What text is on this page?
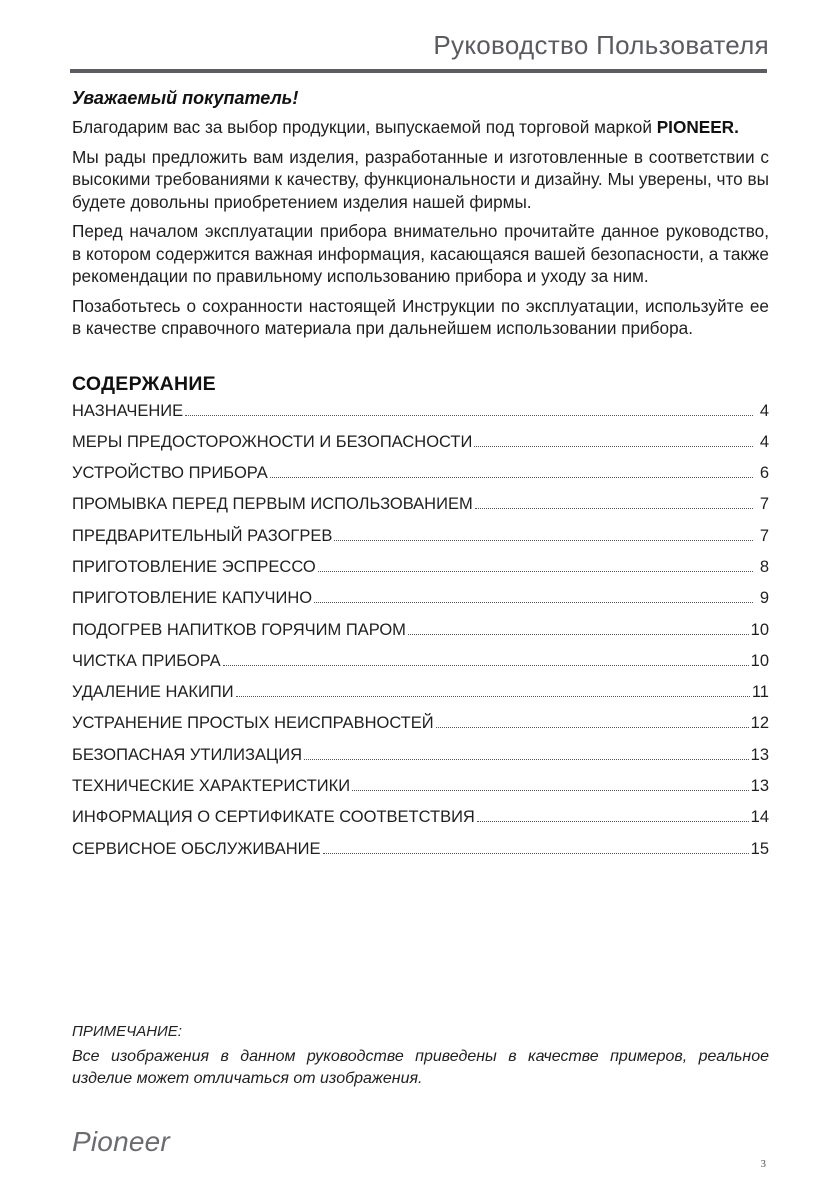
Руководство Пользователя
Уважаемый покупатель!

Благодарим вас за выбор продукции, выпускаемой под торговой маркой PIONEER.

Мы рады предложить вам изделия, разработанные и изготовленные в соответствии с высокими требованиями к качеству, функциональности и дизайну. Мы уверены, что вы будете довольны приобретением изделия нашей фирмы.

Перед началом эксплуатации прибора внимательно прочитайте данное руководство, в котором содержится важная информация, касающаяся вашей безопасности, а также рекомендации по правильному использованию прибора и уходу за ним.

Позаботьтесь о сохранности настоящей Инструкции по эксплуатации, используйте ее в качестве справочного материала при дальнейшем использовании прибора.

СОДЕРЖАНИЕ
НАЗНАЧЕНИЕ	4
МЕРЫ ПРЕДОСТОРОЖНОСТИ И БЕЗОПАСНОСТИ	4
УСТРОЙСТВО ПРИБОРА	6
ПРОМЫВКА ПЕРЕД ПЕРВЫМ ИСПОЛЬЗОВАНИЕМ	7
ПРЕДВАРИТЕЛЬНЫЙ РАЗОГРЕВ	7
ПРИГОТОВЛЕНИЕ ЭСПРЕССО	8
ПРИГОТОВЛЕНИЕ КАПУЧИНО	9
ПОДОГРЕВ НАПИТКОВ ГОРЯЧИМ ПАРОМ	10
ЧИСТКА ПРИБОРА	10
УДАЛЕНИЕ НАКИПИ	11
УСТРАНЕНИЕ ПРОСТЫХ НЕИСПРАВНОСТЕЙ	12
БЕЗОПАСНАЯ УТИЛИЗАЦИЯ	13
ТЕХНИЧЕСКИЕ ХАРАКТЕРИСТИКИ	13
ИНФОРМАЦИЯ О СЕРТИФИКАТЕ СООТВЕТСТВИЯ	14
СЕРВИСНОЕ ОБСЛУЖИВАНИЕ	15
ПРИМЕЧАНИЕ:
Все изображения в данном руководстве приведены в качестве примеров, реальное изделие может отличаться от изображения.
Pioneer
3
